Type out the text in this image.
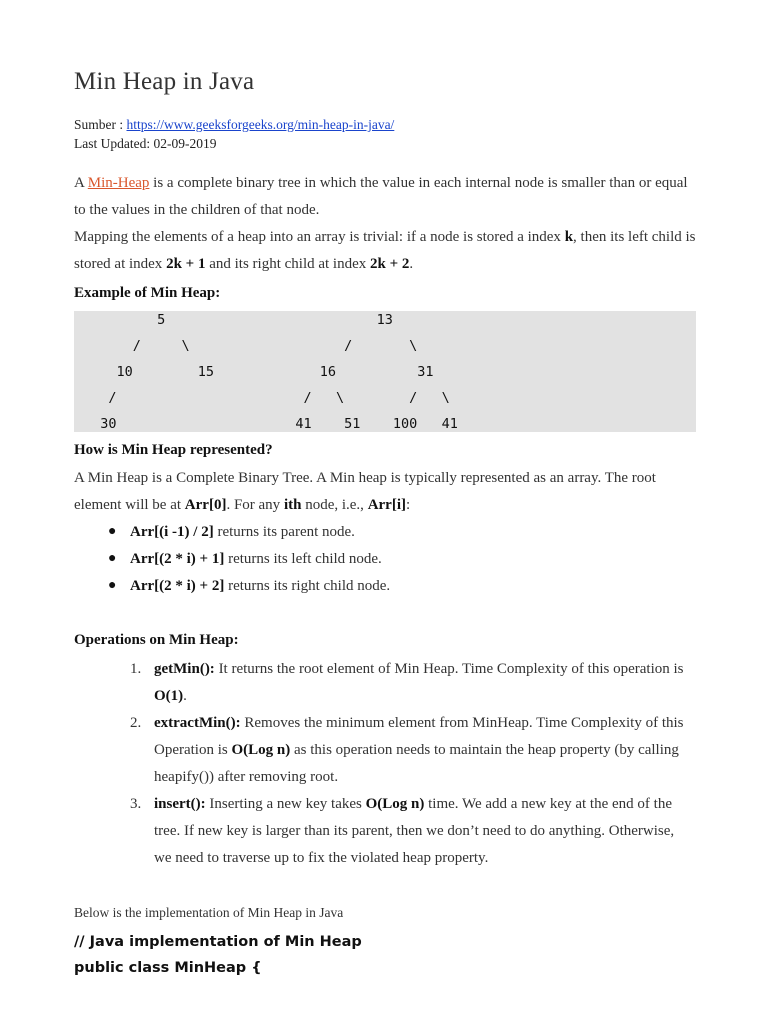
Min Heap in Java
Sumber : https://www.geeksforgeeks.org/min-heap-in-java/
Last Updated: 02-09-2019
A Min-Heap is a complete binary tree in which the value in each internal node is smaller than or equal to the values in the children of that node.
Mapping the elements of a heap into an array is trivial: if a node is stored a index k, then its left child is stored at index 2k + 1 and its right child at index 2k + 2.
Example of Min Heap:
5                          13
/     \                   /       \
10        15             16          31
/                       /   \        /   \
30                      41    51    100   41
How is Min Heap represented?
A Min Heap is a Complete Binary Tree. A Min heap is typically represented as an array. The root element will be at Arr[0]. For any ith node, i.e., Arr[i]:
● Arr[(i -1) / 2] returns its parent node.
● Arr[(2 * i) + 1] returns its left child node.
● Arr[(2 * i) + 2] returns its right child node.
Operations on Min Heap:
1. getMin(): It returns the root element of Min Heap. Time Complexity of this operation is O(1).
2. extractMin(): Removes the minimum element from MinHeap. Time Complexity of this Operation is O(Log n) as this operation needs to maintain the heap property (by calling heapify()) after removing root.
3. insert(): Inserting a new key takes O(Log n) time. We add a new key at the end of the tree. If new key is larger than its parent, then we don’t need to do anything. Otherwise, we need to traverse up to fix the violated heap property.
Below is the implementation of Min Heap in Java
// Java implementation of Min Heap
public class MinHeap {
